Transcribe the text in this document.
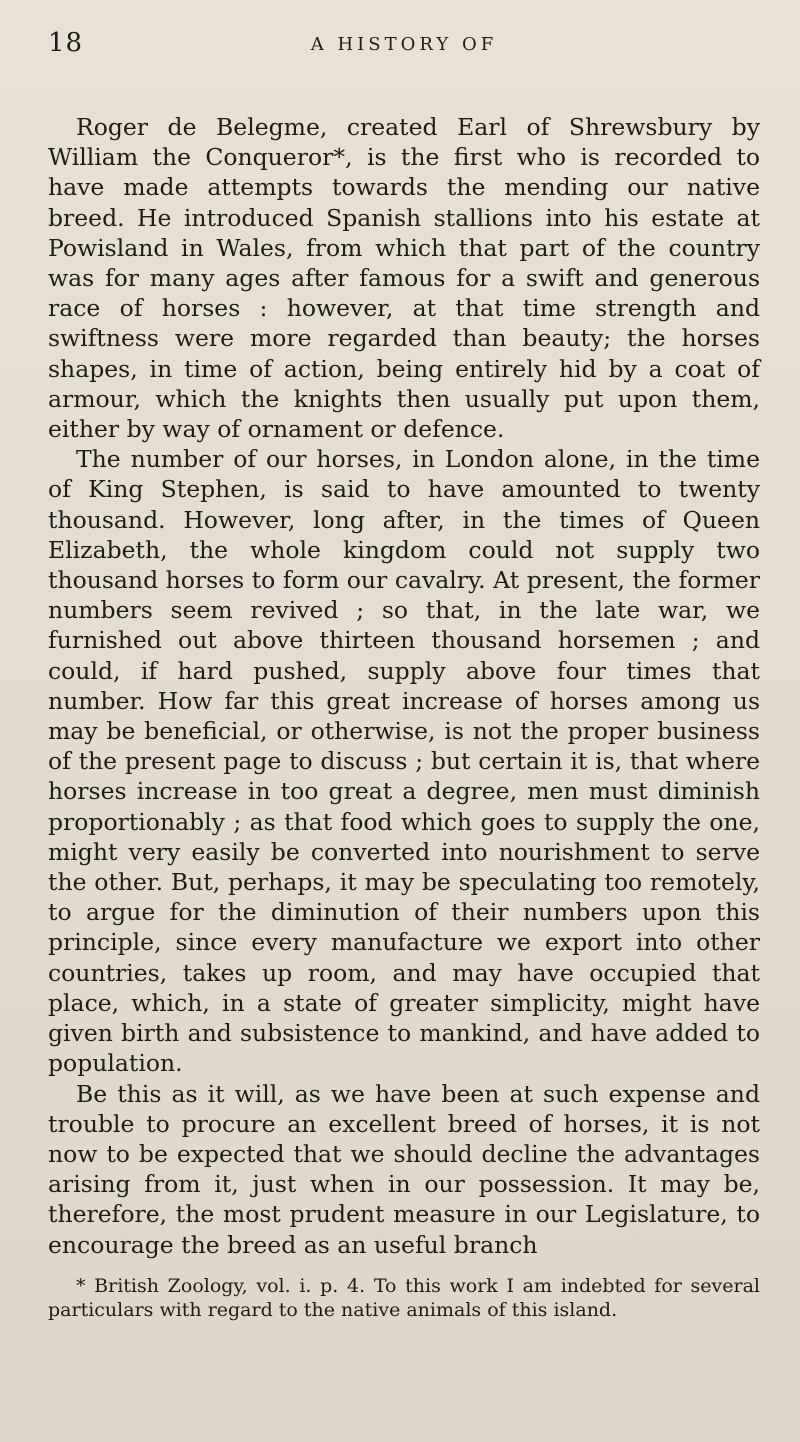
18	A HISTORY OF

Roger de Belegme, created Earl of Shrewsbury by William the Conqueror*, is the first who is recorded to have made attempts towards the mending our native breed. He introduced Spanish stallions into his estate at Powisland in Wales, from which that part of the country was for many ages after famous for a swift and generous race of horses : however, at that time strength and swiftness were more regarded than beauty; the horses shapes, in time of action, being entirely hid by a coat of armour, which the knights then usually put upon them, either by way of ornament or defence.

The number of our horses, in London alone, in the time of King Stephen, is said to have amounted to twenty thousand. However, long after, in the times of Queen Elizabeth, the whole kingdom could not supply two thousand horses to form our cavalry. At present, the former numbers seem revived ; so that, in the late war, we furnished out above thirteen thousand horsemen ; and could, if hard pushed, supply above four times that number. How far this great increase of horses among us may be beneficial, or otherwise, is not the proper business of the present page to discuss ; but certain it is, that where horses increase in too great a degree, men must diminish proportionably ; as that food which goes to supply the one, might very easily be converted into nourishment to serve the other. But, perhaps, it may be speculating too remotely, to argue for the diminution of their numbers upon this principle, since every manufacture we export into other countries, takes up room, and may have occupied that place, which, in a state of greater simplicity, might have given birth and subsistence to mankind, and have added to population.

Be this as it will, as we have been at such expense and trouble to procure an excellent breed of horses, it is not now to be expected that we should decline the advantages arising from it, just when in our possession. It may be, therefore, the most prudent measure in our Legislature, to encourage the breed as an useful branch

* British Zoology, vol. i. p. 4. To this work I am indebted for several particulars with regard to the native animals of this island.
